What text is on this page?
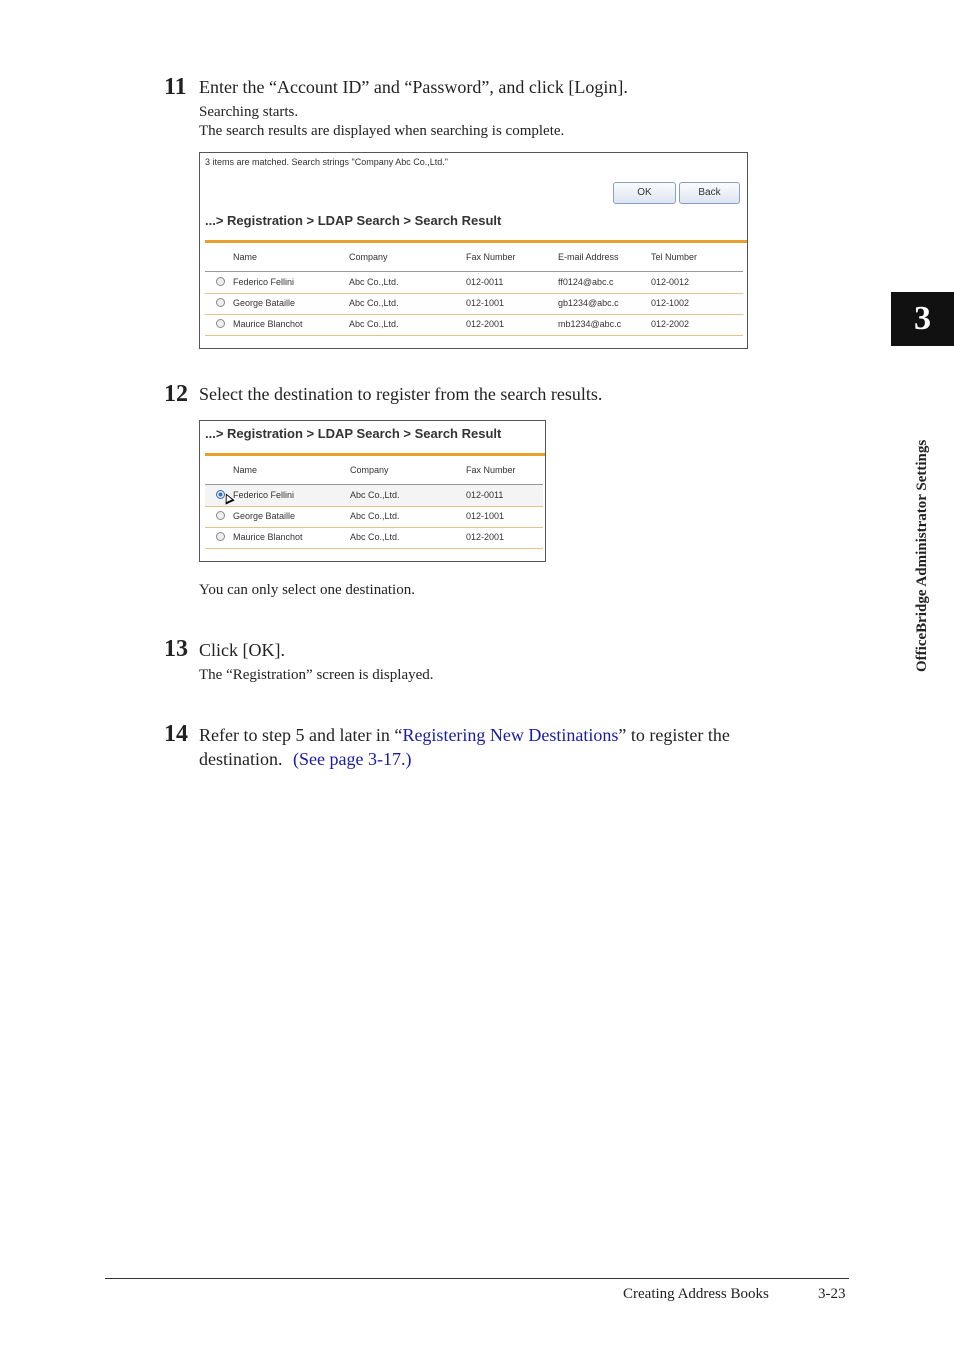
11 Enter the “Account ID” and “Password”, and click [Login].
Searching starts.
The search results are displayed when searching is complete.
3 items are matched. Search strings "Company Abc Co.,Ltd."
OK	Back
...> Registration > LDAP Search > Search Result
Name	Company	Fax Number	E-mail Address	Tel Number
Federico Fellini	Abc Co.,Ltd.	012-0011	ff0124@abc.c	012-0012
George Bataille	Abc Co.,Ltd.	012-1001	gb1234@abc.c	012-1002
Maurice Blanchot	Abc Co.,Ltd.	012-2001	mb1234@abc.c	012-2002
12 Select the destination to register from the search results.
...> Registration > LDAP Search > Search Result
Name	Company	Fax Number
Federico Fellini	Abc Co.,Ltd.	012-0011
George Bataille	Abc Co.,Ltd.	012-1001
Maurice Blanchot	Abc Co.,Ltd.	012-2001
You can only select one destination.
13 Click [OK].
The “Registration” screen is displayed.
14 Refer to step 5 and later in “Registering New Destinations” to register the
destination. (See page 3-17.)
3
OfficeBridge Administrator Settings
Creating Address Books	3-23
